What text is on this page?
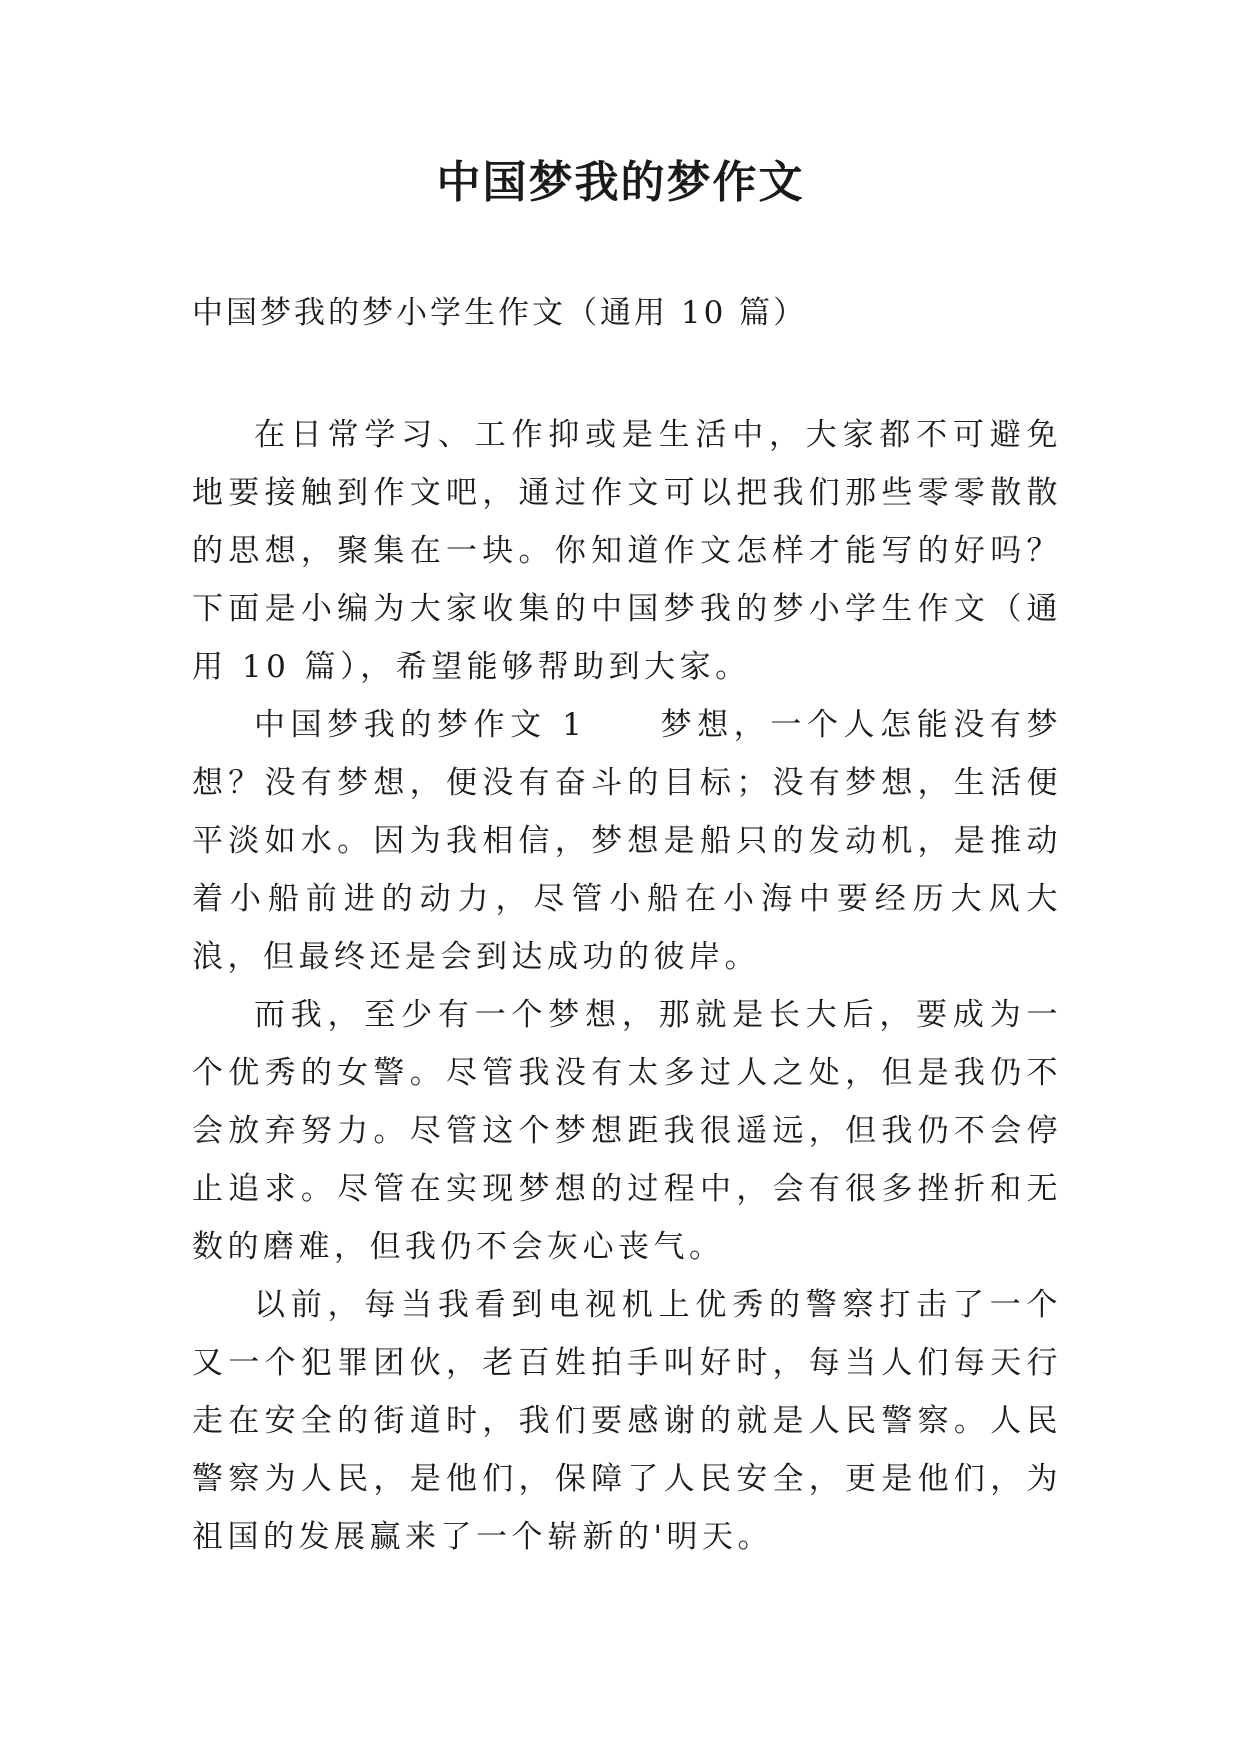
中国梦我的梦作文
中国梦我的梦小学生作文（通用 10 篇）

在日常学习、工作抑或是生活中，大家都不可避免地要接触到作文吧，通过作文可以把我们那些零零散散的思想，聚集在一块。你知道作文怎样才能写的好吗？下面是小编为大家收集的中国梦我的梦小学生作文（通用 10 篇），希望能够帮助到大家。

中国梦我的梦作文 1　　梦想，一个人怎能没有梦想？没有梦想，便没有奋斗的目标；没有梦想，生活便平淡如水。因为我相信，梦想是船只的发动机，是推动着小船前进的动力，尽管小船在小海中要经历大风大浪，但最终还是会到达成功的彼岸。

而我，至少有一个梦想，那就是长大后，要成为一个优秀的女警。尽管我没有太多过人之处，但是我仍不会放弃努力。尽管这个梦想距我很遥远，但我仍不会停止追求。尽管在实现梦想的过程中，会有很多挫折和无数的磨难，但我仍不会灰心丧气。

以前，每当我看到电视机上优秀的警察打击了一个又一个犯罪团伙，老百姓拍手叫好时，每当人们每天行走在安全的街道时，我们要感谢的就是人民警察。人民警察为人民，是他们，保障了人民安全，更是他们，为祖国的发展赢来了一个崭新的'明天。
